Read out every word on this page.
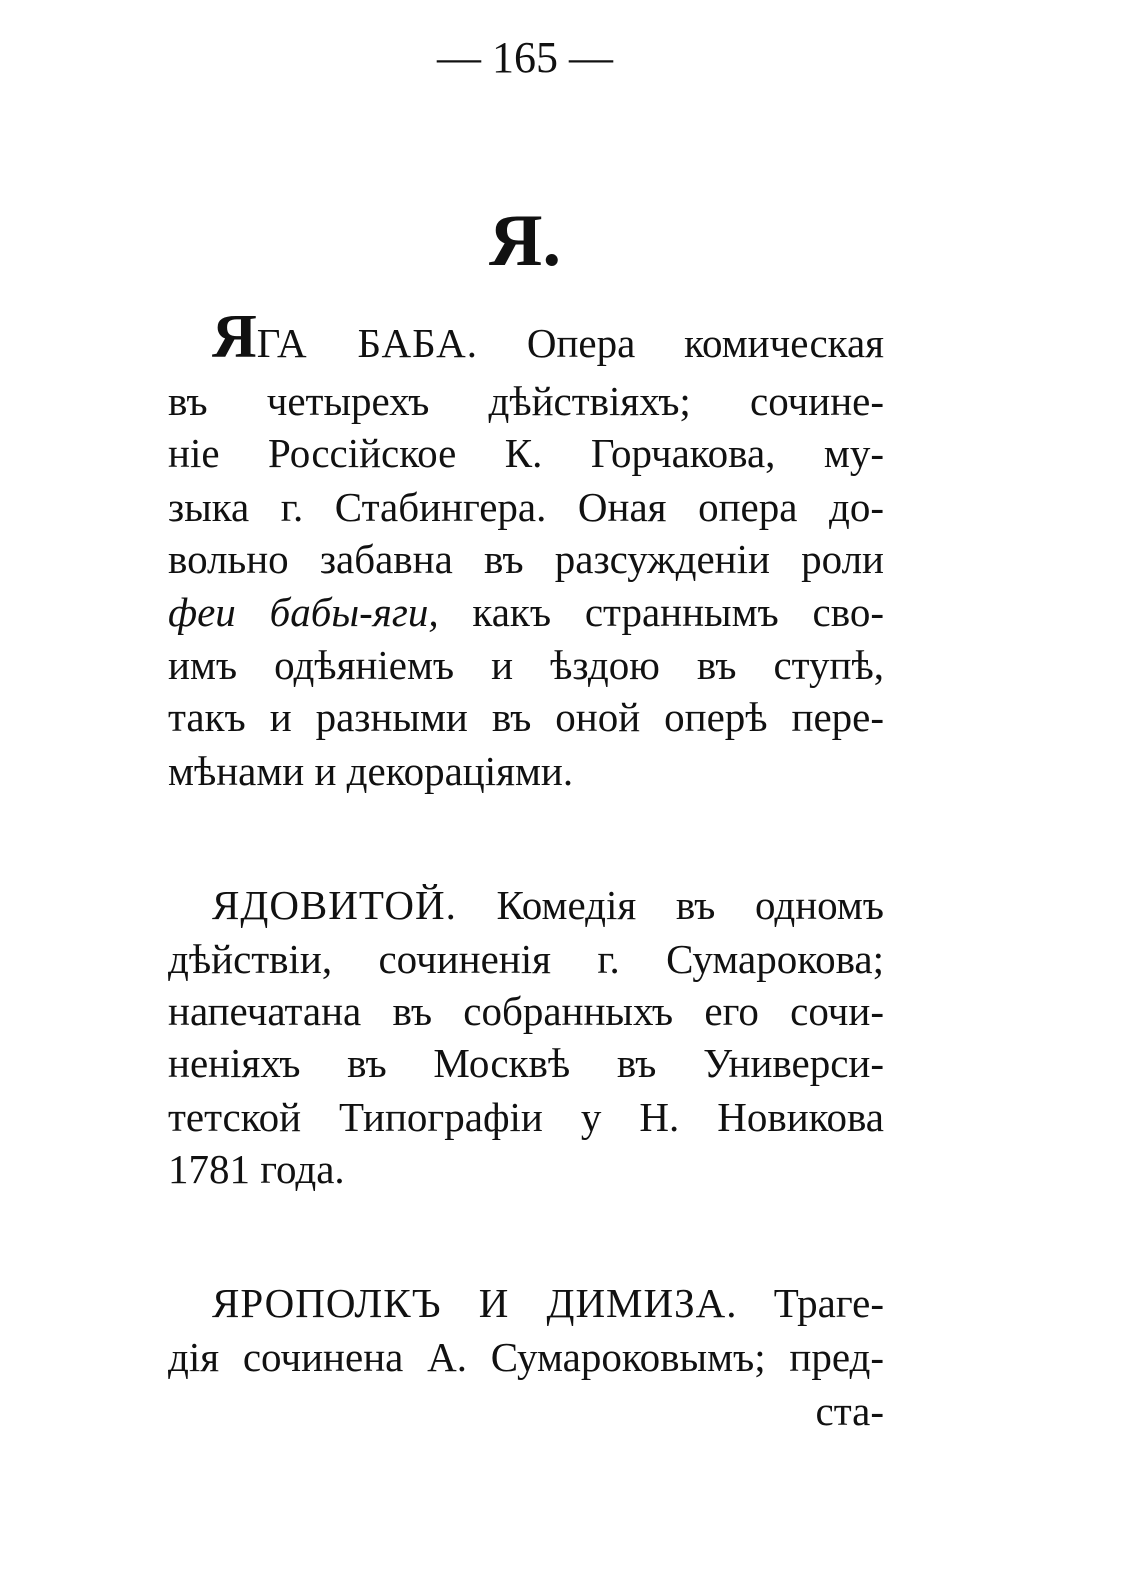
— 165 —
Я.
ЯГА БАБА. Опера комическая
въ четырехъ дѣйствіяхъ; сочине-
ніе Россійское К. Горчакова, му-
зыка г. Стабингера. Оная опера до-
вольно забавна въ разсужденіи роли
феи бабы-яги, какъ страннымъ сво-
имъ одѣяніемъ и ѣздою въ ступѣ,
такъ и разными въ оной оперѣ пере-
мѣнами и декораціями.
ЯДОВИТОЙ. Комедія въ одномъ
дѣйствіи, сочиненія г. Сумарокова;
напечатана въ собранныхъ его сочи-
неніяхъ въ Москвѣ въ Универси-
тетской Типографіи у Н. Новикова
1781 года.
ЯРОПОЛКЪ И ДИМИЗА. Траге-
дія сочинена А. Сумароковымъ; пред-
ста-
